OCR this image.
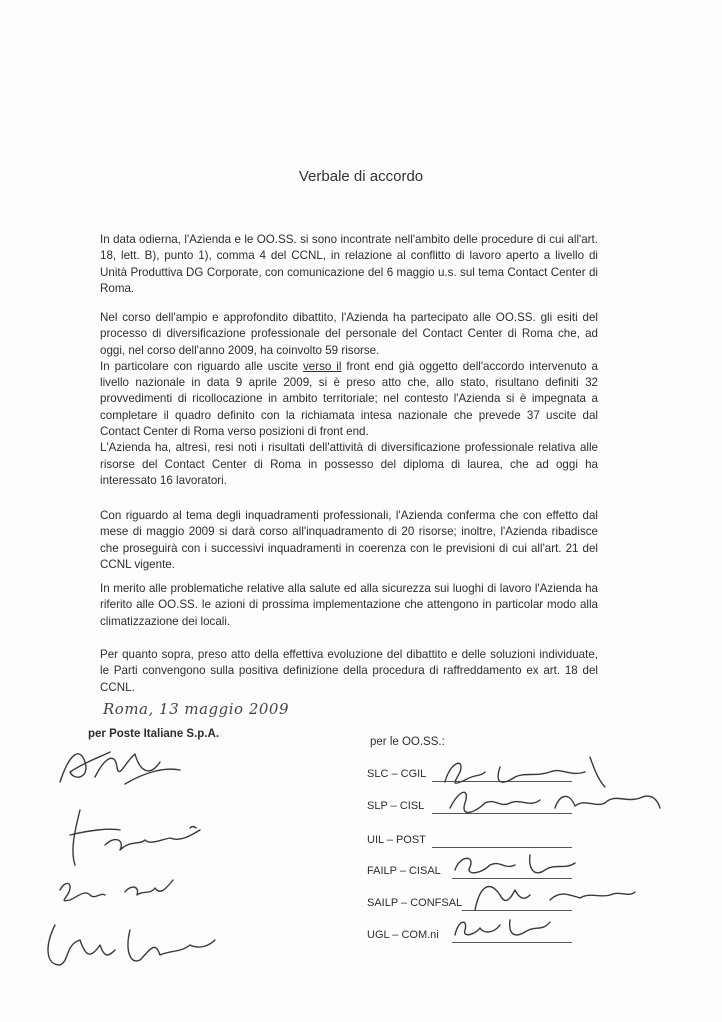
Verbale di accordo

In data odierna, l'Azienda e le OO.SS. si sono incontrate nell'ambito delle procedure di cui all'art. 18, lett. B), punto 1), comma 4 del CCNL, in relazione al conflitto di lavoro aperto a livello di Unità Produttiva DG Corporate, con comunicazione del 6 maggio u.s. sul tema Contact Center di Roma.

Nel corso dell'ampio e approfondito dibattito, l'Azienda ha partecipato alle OO.SS. gli esiti del processo di diversificazione professionale del personale del Contact Center di Roma che, ad oggi, nel corso dell'anno 2009, ha coinvolto 59 risorse.

In particolare con riguardo alle uscite verso il front end già oggetto dell'accordo intervenuto a livello nazionale in data 9 aprile 2009, si è preso atto che, allo stato, risultano definiti 32 provvedimenti di ricollocazione in ambito territoriale; nel contesto l'Azienda si è impegnata a completare il quadro definito con la richiamata intesa nazionale che prevede 37 uscite dal Contact Center di Roma verso posizioni di front end.

L'Azienda ha, altresì, resi noti i risultati dell'attività di diversificazione professionale relativa alle risorse del Contact Center di Roma in possesso del diploma di laurea, che ad oggi ha interessato 16 lavoratori.

Con riguardo al tema degli inquadramenti professionali, l'Azienda conferma che con effetto dal mese di maggio 2009 si darà corso all'inquadramento di 20 risorse; inoltre, l'Azienda ribadisce che proseguirà con i successivi inquadramenti in coerenza con le previsioni di cui all'art. 21 del CCNL vigente.

In merito alle problematiche relative alla salute ed alla sicurezza sui luoghi di lavoro l'Azienda ha riferito alle OO.SS. le azioni di prossima implementazione che attengono in particolar modo alla climatizzazione dei locali.

Per quanto sopra, preso atto della effettiva evoluzione del dibattito e delle soluzioni individuate, le Parti convengono sulla positiva definizione della procedura di raffreddamento ex art. 18 del CCNL.

Roma, 13 maggio 2009
per Poste Italiane S.p.A.
per le OO.SS.:
SLC – CGIL
SLP – CISL
UIL – POST
FAILP – CISAL
SAILP – CONFSAL
UGL – COM.ni
